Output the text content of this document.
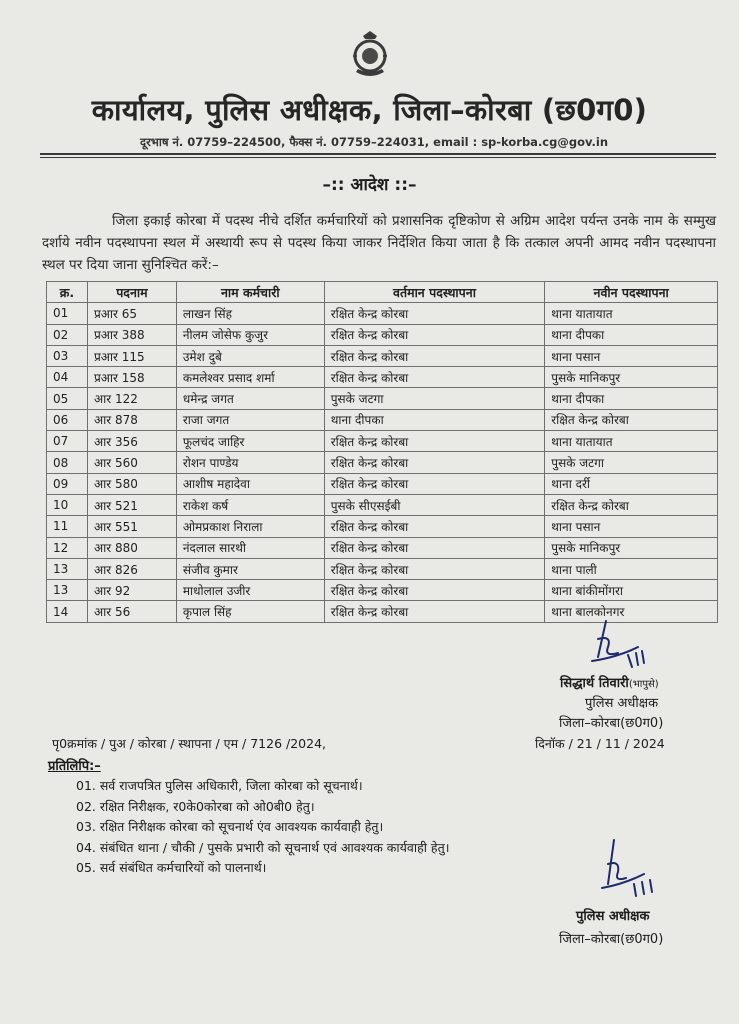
कार्यालय, पुलिस अधीक्षक, जिला–कोरबा (छ0ग0)
दूरभाष नं. 07759–224500, फैक्स नं. 07759–224031, email : sp-korba.cg@gov.in
–:: आदेश ::–
जिला इकाई कोरबा में पदस्थ नीचे दर्शित कर्मचारियों को प्रशासनिक दृष्टिकोण से अग्रिम आदेश पर्यन्त उनके नाम के सम्मुख दर्शाये नवीन पदस्थापना स्थल में अस्थायी रूप से पदस्थ किया जाकर निर्देशित किया जाता है कि तत्काल अपनी आमद नवीन पदस्थापना स्थल पर दिया जाना सुनिश्चित करें:–
क्र.	पदनाम	नाम कर्मचारी	वर्तमान पदस्थापना	नवीन पदस्थापना
01	प्रआर 65	लाखन सिंह	रक्षित केन्द्र कोरबा	थाना यातायात
02	प्रआर 388	नीलम जोसेफ कुजुर	रक्षित केन्द्र कोरबा	थाना दीपका
03	प्रआर 115	उमेश दुबे	रक्षित केन्द्र कोरबा	थाना पसान
04	प्रआर 158	कमलेश्वर प्रसाद शर्मा	रक्षित केन्द्र कोरबा	पुसके मानिकपुर
05	आर 122	धमेन्द्र जगत	पुसके जटगा	थाना दीपका
06	आर 878	राजा जगत	थाना दीपका	रक्षित केन्द्र कोरबा
07	आर 356	फूलचंद जाहिर	रक्षित केन्द्र कोरबा	थाना यातायात
08	आर 560	रोशन पाण्डेय	रक्षित केन्द्र कोरबा	पुसके जटगा
09	आर 580	आशीष महादेवा	रक्षित केन्द्र कोरबा	थाना दर्री
10	आर 521	राकेश कर्ष	पुसके सीएसईबी	रक्षित केन्द्र कोरबा
11	आर 551	ओमप्रकाश निराला	रक्षित केन्द्र कोरबा	थाना पसान
12	आर 880	नंदलाल सारथी	रक्षित केन्द्र कोरबा	पुसके मानिकपुर
13	आर 826	संजीव कुमार	रक्षित केन्द्र कोरबा	थाना पाली
13	आर 92	माधोलाल उजीर	रक्षित केन्द्र कोरबा	थाना बांकीमोंगरा
14	आर 56	कृपाल सिंह	रक्षित केन्द्र कोरबा	थाना बालकोनगर
सिद्धार्थ तिवारी(भापुसे)
पुलिस अधीक्षक
जिला–कोरबा(छ0ग0)
पृ0क्रमांक / पुअ / कोरबा / स्थापना / एम / 7126 /2024,	दिनॉक / 21 / 11 / 2024
प्रतिलिपि:–
01. सर्व राजपत्रित पुलिस अधिकारी, जिला कोरबा को सूचनार्थ।
02. रक्षित निरीक्षक, र0के0कोरबा को ओ0बी0 हेतु।
03. रक्षित निरीक्षक कोरबा को सूचनार्थ एंव आवश्यक कार्यवाही हेतु।
04. संबंधित थाना / चौकी / पुसके प्रभारी को सूचनार्थ एवं आवश्यक कार्यवाही हेतु।
05. सर्व संबंधित कर्मचारियों को पालनार्थ।
पुलिस अधीक्षक
जिला–कोरबा(छ0ग0)
